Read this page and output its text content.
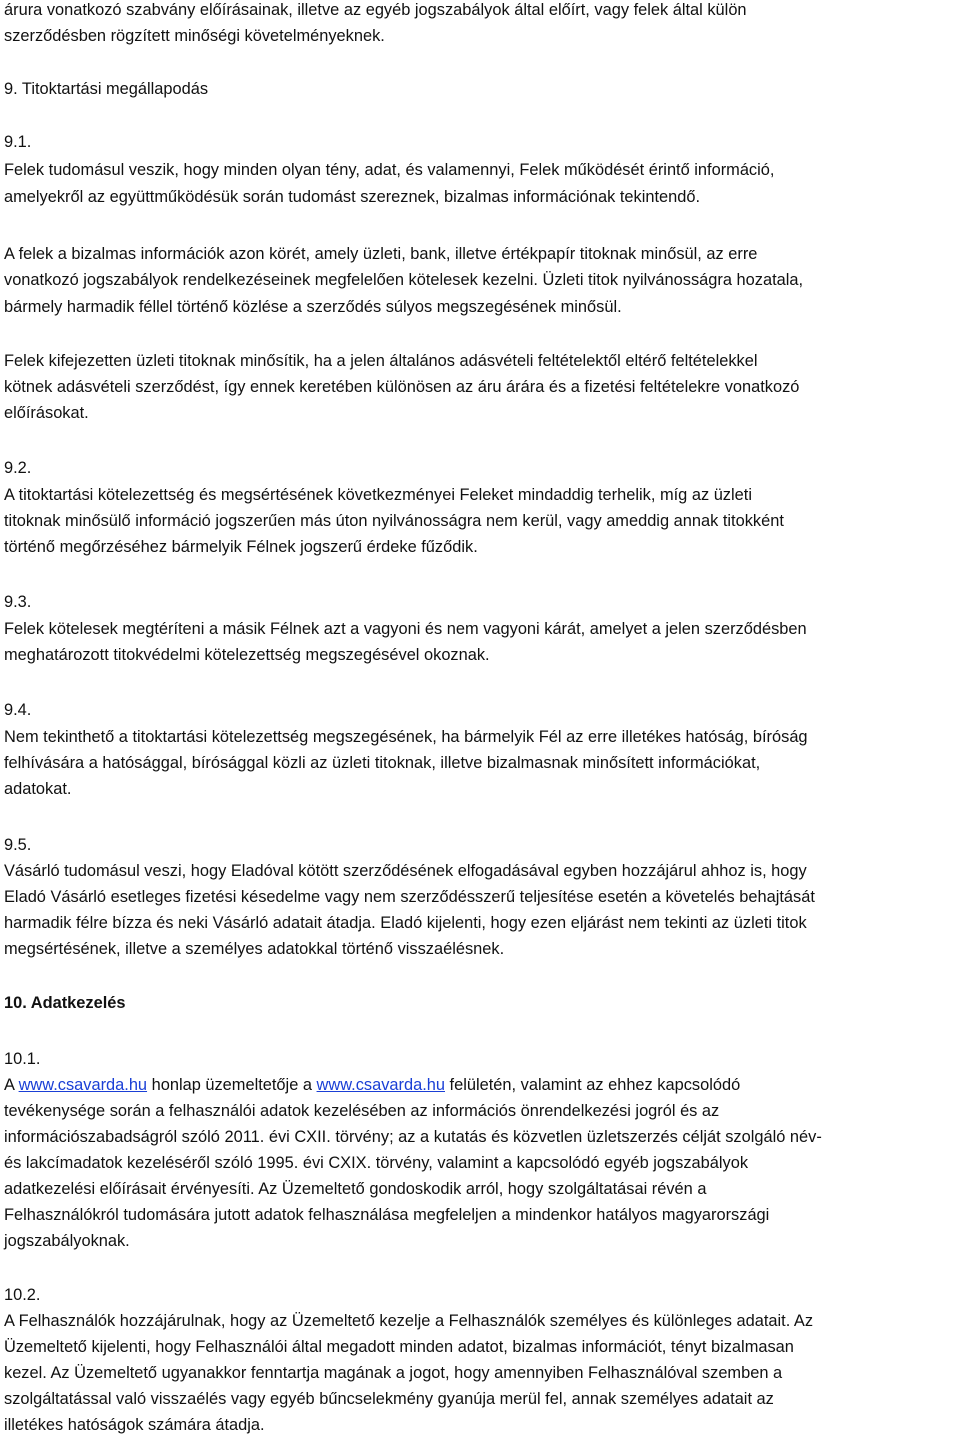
árura vonatkozó szabvány előírásainak, illetve az egyéb jogszabályok által előírt, vagy felek által külön
szerződésben rögzített minőségi követelményeknek.
9. Titoktartási megállapodás
9.1.
Felek tudomásul veszik, hogy minden olyan tény, adat, és valamennyi, Felek működését érintő információ,
amelyekről az együttműködésük során tudomást szereznek, bizalmas információnak tekintendő.
A felek a bizalmas információk azon körét, amely üzleti, bank, illetve értékpapír titoknak minősül, az erre
vonatkozó jogszabályok rendelkezéseinek megfelelően kötelesek kezelni. Üzleti titok nyilvánosságra hozatala,
bármely harmadik féllel történő közlése a szerződés súlyos megszegésének minősül.
Felek kifejezetten üzleti titoknak minősítik, ha a jelen általános adásvételi feltételektől eltérő feltételekkel
kötnek adásvételi szerződést, így ennek keretében különösen az áru árára és a fizetési feltételekre vonatkozó
előírásokat.
9.2.
A titoktartási kötelezettség és megsértésének következményei Feleket mindaddig terhelik, míg az üzleti
titoknak minősülő információ jogszerűen más úton nyilvánosságra nem kerül, vagy ameddig annak titokként
történő megőrzéséhez bármelyik Félnek jogszerű érdeke fűződik.
9.3.
Felek kötelesek megtéríteni a másik Félnek azt a vagyoni és nem vagyoni kárát, amelyet a jelen szerződésben
meghatározott titokvédelmi kötelezettség megszegésével okoznak.
9.4.
Nem tekinthető a titoktartási kötelezettség megszegésének, ha bármelyik Fél az erre illetékes hatóság, bíróság
felhívására a hatósággal, bírósággal közli az üzleti titoknak, illetve bizalmasnak minősített információkat,
adatokat.
9.5.
Vásárló tudomásul veszi, hogy Eladóval kötött szerződésének elfogadásával egyben hozzájárul ahhoz is, hogy
Eladó Vásárló esetleges fizetési késedelme vagy nem szerződésszerű teljesítése esetén a követelés behajtását
harmadik félre bízza és neki Vásárló adatait átadja. Eladó kijelenti, hogy ezen eljárást nem tekinti az üzleti titok
megsértésének, illetve a személyes adatokkal történő visszaélésnek.
10. Adatkezelés
10.1.
A www.csavarda.hu honlap üzemeltetője a www.csavarda.hu felületén, valamint az ehhez kapcsolódó
tevékenysége során a felhasználói adatok kezelésében az információs önrendelkezési jogról és az
információszabadságról szóló 2011. évi CXII. törvény; az a kutatás és közvetlen üzletszerzés célját szolgáló név-
és lakcímadatok kezeléséről szóló 1995. évi CXIX. törvény, valamint a kapcsolódó egyéb jogszabályok
adatkezelési előírásait érvényesíti. Az Üzemeltető gondoskodik arról, hogy szolgáltatásai révén a
Felhasználókról tudomására jutott adatok felhasználása megfeleljen a mindenkor hatályos magyarországi
jogszabályoknak.
10.2.
A Felhasználók hozzájárulnak, hogy az Üzemeltető kezelje a Felhasználók személyes és különleges adatait. Az
Üzemeltető kijelenti, hogy Felhasználói által megadott minden adatot, bizalmas információt, tényt bizalmasan
kezel. Az Üzemeltető ugyanakkor fenntartja magának a jogot, hogy amennyiben Felhasználóval szemben a
szolgáltatással való visszaélés vagy egyéb bűncselekmény gyanúja merül fel, annak személyes adatait az
illetékes hatóságok számára átadja.
